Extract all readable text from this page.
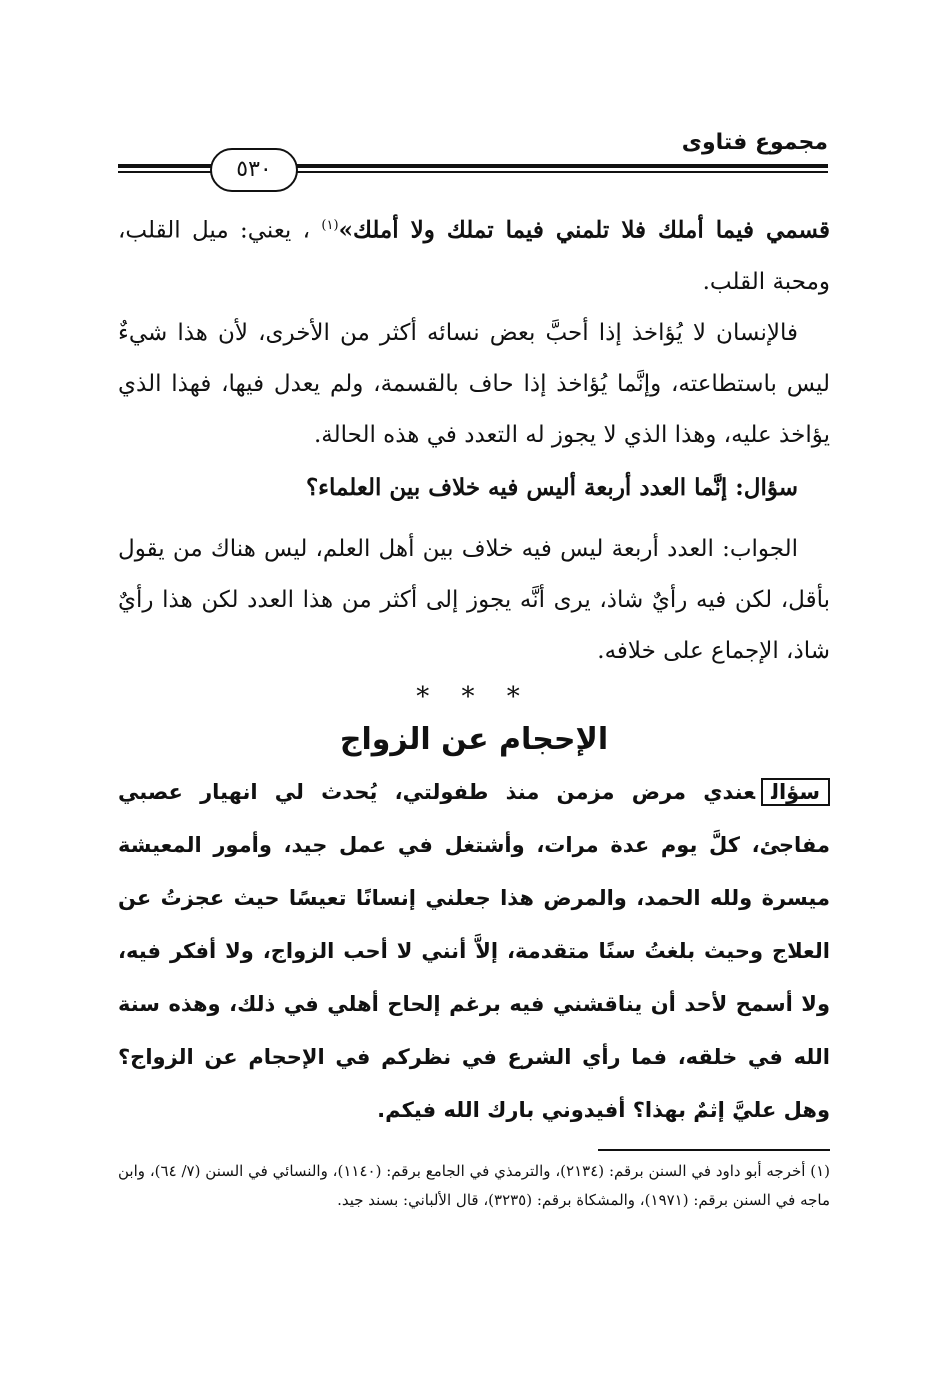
مجموع فتاوى
٥٣٠

قسمي فيما أملك فلا تلمني فيما تملك ولا أملك»$^{(١)}$ ، يعني: ميل القلب، ومحبة القلب.

فالإنسان لا يُؤاخذ إذا أحبَّ بعض نسائه أكثر من الأخرى، لأن هذا شيءٌ ليس باستطاعته، وإنَّما يُؤاخذ إذا حاف بالقسمة، ولم يعدل فيها، فهذا الذي يؤاخذ عليه، وهذا الذي لا يجوز له التعدد في هذه الحالة.

سؤال: إنَّما العدد أربعة أليس فيه خلاف بين العلماء؟

الجواب: العدد أربعة ليس فيه خلاف بين أهل العلم، ليس هناك من يقول بأقل، لكن فيه رأيٌ شاذ، يرى أنَّه يجوز إلى أكثر من هذا العدد لكن هذا رأيٌ شاذ، الإجماع على خلافه.

* * *
الإحجام عن الزواج
سؤالعندي مرض مزمن منذ طفولتي، يُحدث لي انهيار عصبي مفاجئ، كلَّ يوم عدة مرات، وأشتغل في عمل جيد، وأمور المعيشة ميسرة ولله الحمد، والمرض هذا جعلني إنسانًا تعيسًا حيث عجزتُ عن العلاج وحيث بلغتُ سنًا متقدمة، إلاَّ أنني لا أحب الزواج، ولا أفكر فيه، ولا أسمح لأحد أن يناقشني فيه برغم إلحاح أهلي في ذلك، وهذه سنة الله في خلقه، فما رأي الشرع في نظركم في الإحجام عن الزواج؟ وهل عليَّ إثمٌ بهذا؟ أفيدوني بارك الله فيكم.

(١) أخرجه أبو داود في السنن برقم: (٢١٣٤)، والترمذي في الجامع برقم: (١١٤٠)، والنسائي في السنن (٧/ ٦٤)، وابن ماجه في السنن برقم: (١٩٧١)، والمشكاة برقم: (٣٢٣٥)، قال الألباني: بسند جيد.
